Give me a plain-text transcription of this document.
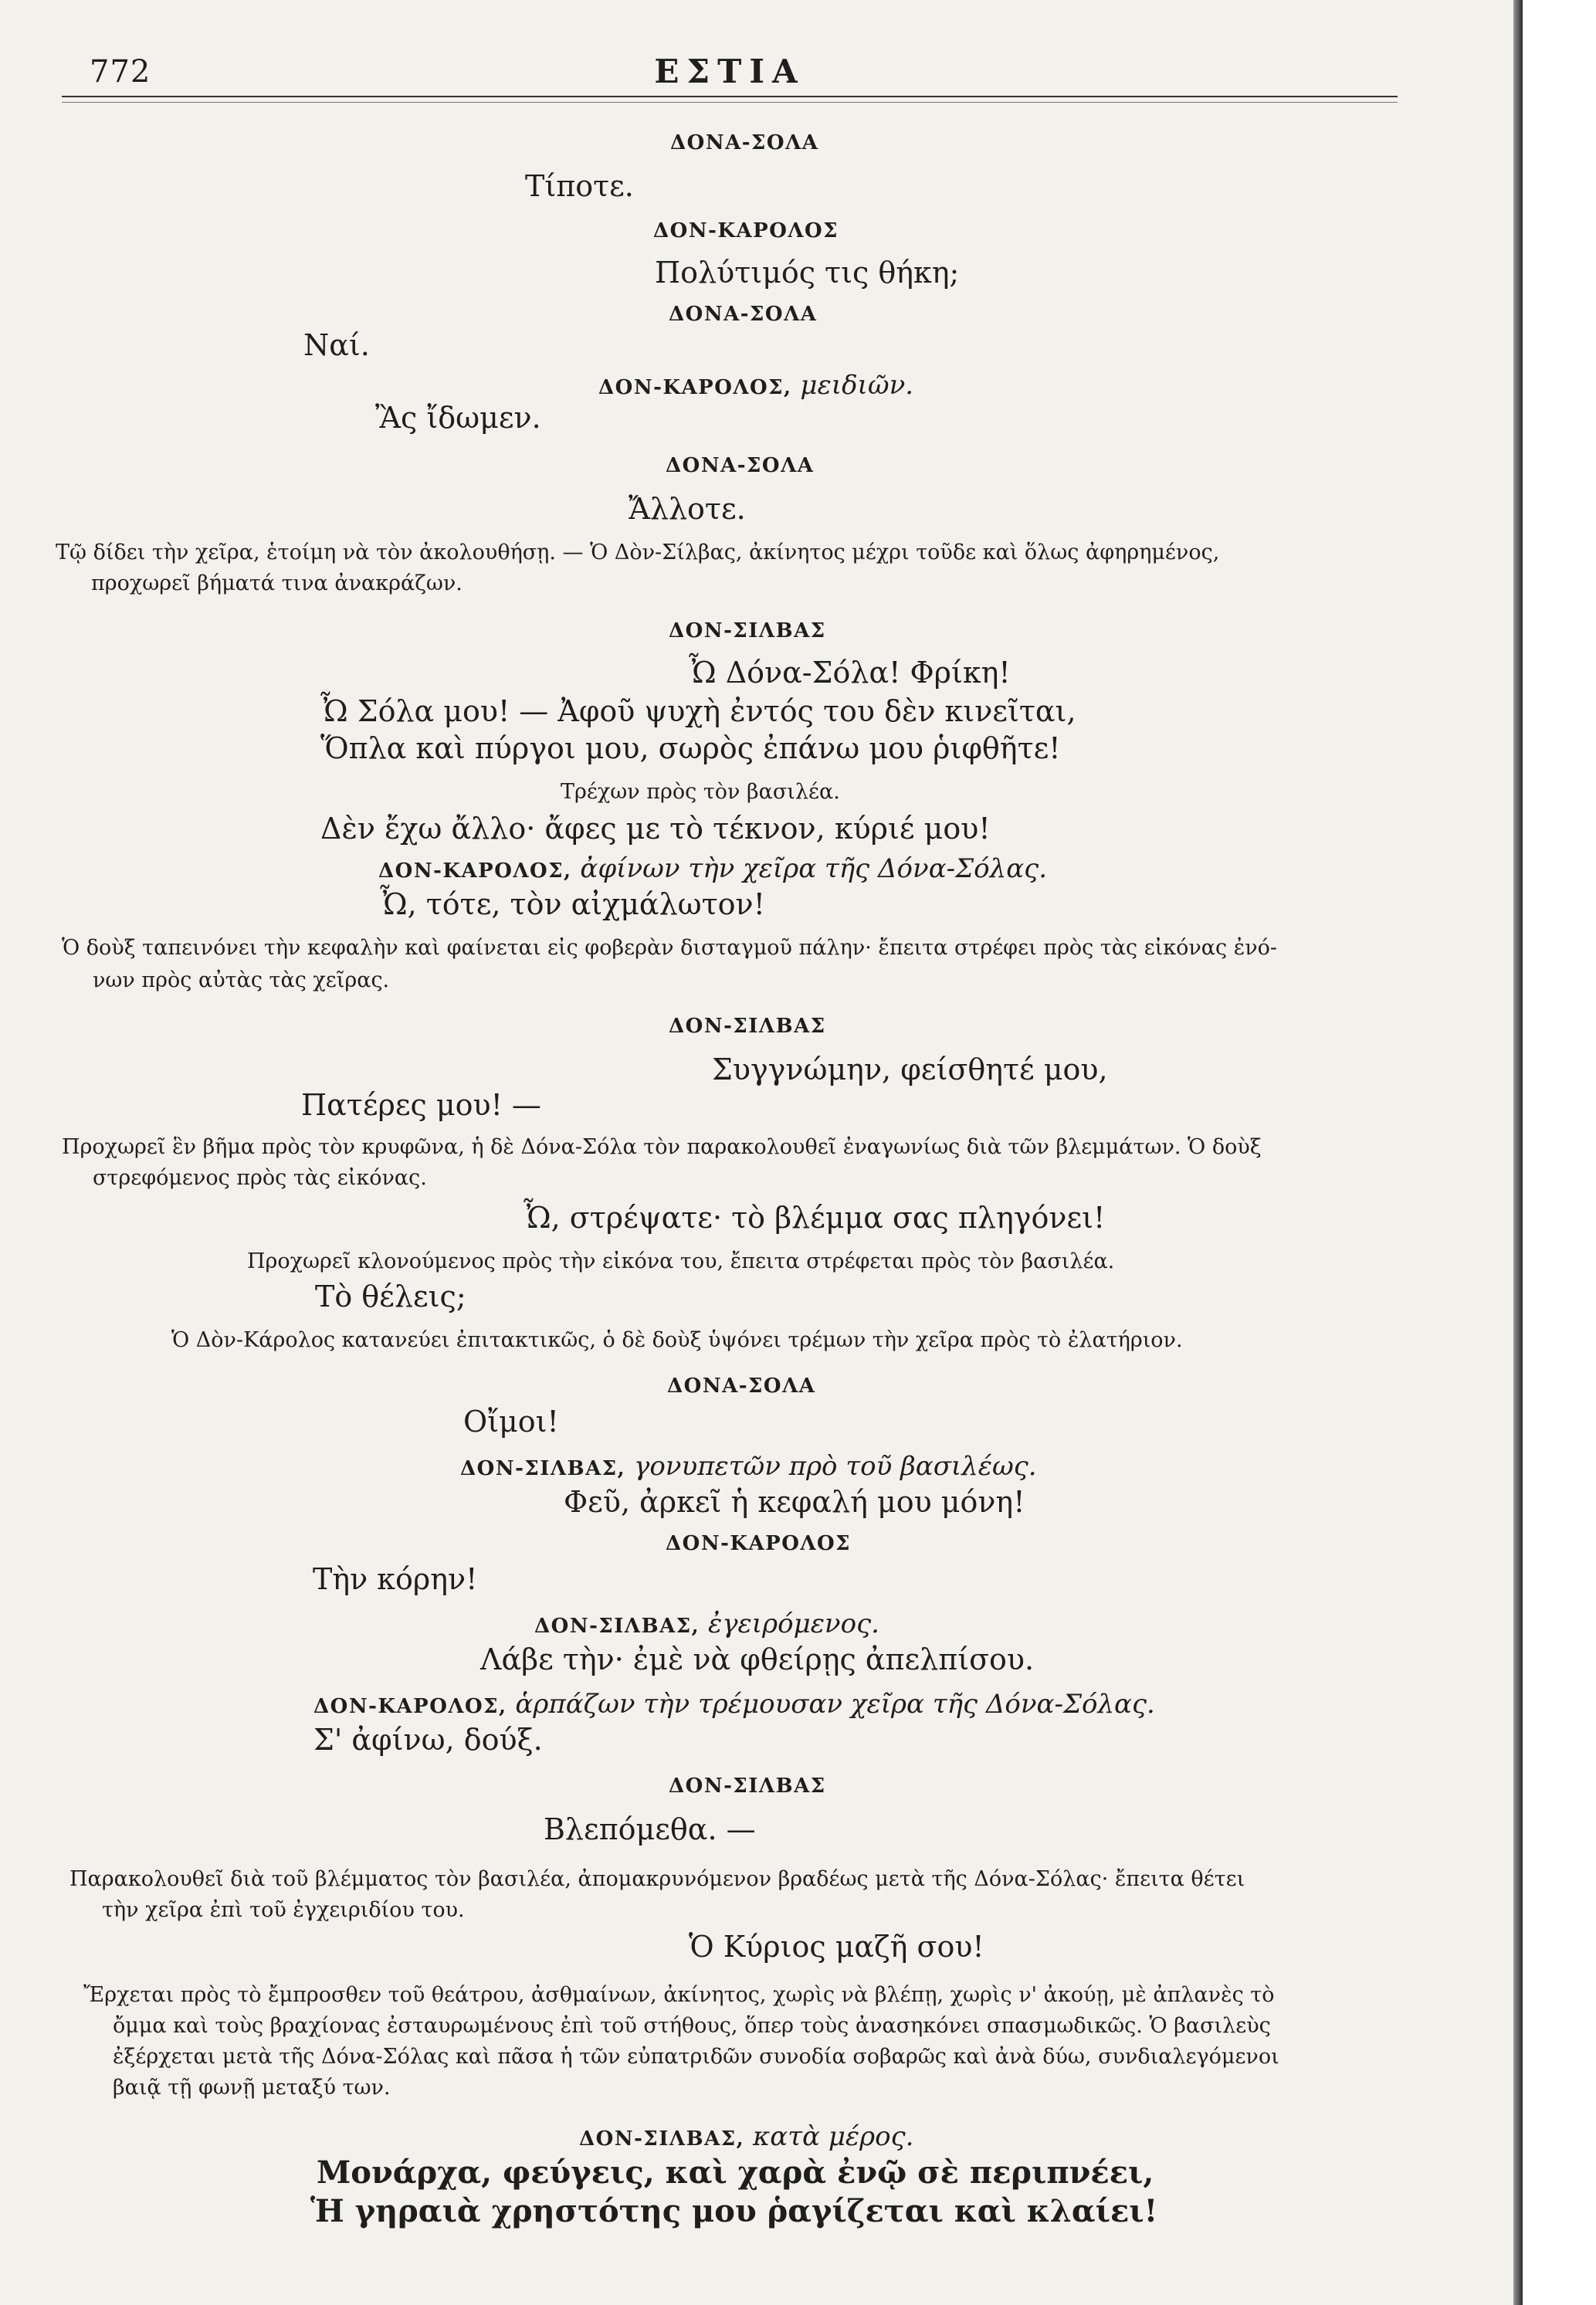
772	ΕΣΤΙΑ
ΔΟΝΑ-ΣΟΛΑ
Τίποτε.
ΔΟΝ-ΚΑΡΟΛΟΣ
Πολύτιμός τις θήκη;
ΔΟΝΑ-ΣΟΛΑ
Ναί.
ΔΟΝ-ΚΑΡΟΛΟΣ, μειδιῶν.
Ἂς ἴδωμεν.
ΔΟΝΑ-ΣΟΛΑ
Ἄλλοτε.
Τῷ δίδει τὴν χεῖρα, ἑτοίμη νὰ τὸν ἀκολουθήσῃ. — Ὁ Δὸν-Σίλβας, ἀκίνητος μέχρι τοῦδε καὶ ὅλως ἀφηρημένος,
προχωρεῖ βήματά τινα ἀνακράζων.
ΔΟΝ-ΣΙΛΒΑΣ
Ὦ Δόνα-Σόλα! Φρίκη!
Ὦ Σόλα μου! — Ἀφοῦ ψυχὴ ἐντός του δὲν κινεῖται,
Ὅπλα καὶ πύργοι μου, σωρὸς ἐπάνω μου ῥιφθῆτε!
Τρέχων πρὸς τὸν βασιλέα.
Δὲν ἔχω ἄλλο· ἄφες με τὸ τέκνον, κύριέ μου!
ΔΟΝ-ΚΑΡΟΛΟΣ, ἀφίνων τὴν χεῖρα τῆς Δόνα-Σόλας.
Ὦ, τότε, τὸν αἰχμάλωτον!
Ὁ δοὺξ ταπεινόνει τὴν κεφαλὴν καὶ φαίνεται εἰς φοβερὰν δισταγμοῦ πάλην· ἔπειτα στρέφει πρὸς τὰς εἰκόνας ἐνό-
νων πρὸς αὐτὰς τὰς χεῖρας.
ΔΟΝ-ΣΙΛΒΑΣ
Συγγνώμην, φείσθητέ μου,
Πατέρες μου! —
Προχωρεῖ ἓν βῆμα πρὸς τὸν κρυφῶνα, ἡ δὲ Δόνα-Σόλα τὸν παρακολουθεῖ ἐναγωνίως διὰ τῶν βλεμμάτων. Ὁ δοὺξ
στρεφόμενος πρὸς τὰς εἰκόνας.
Ὦ, στρέψατε· τὸ βλέμμα σας πληγόνει!
Προχωρεῖ κλονούμενος πρὸς τὴν εἰκόνα του, ἔπειτα στρέφεται πρὸς τὸν βασιλέα.
Τὸ θέλεις;
Ὁ Δὸν-Κάρολος κατανεύει ἐπιτακτικῶς, ὁ δὲ δοὺξ ὑψόνει τρέμων τὴν χεῖρα πρὸς τὸ ἐλατήριον.
ΔΟΝΑ-ΣΟΛΑ
Οἴμοι!
ΔΟΝ-ΣΙΛΒΑΣ, γονυπετῶν πρὸ τοῦ βασιλέως.
Φεῦ, ἀρκεῖ ἡ κεφαλή μου μόνη!
ΔΟΝ-ΚΑΡΟΛΟΣ
Τὴν κόρην!
ΔΟΝ-ΣΙΛΒΑΣ, ἐγειρόμενος.
Λάβε τὴν· ἐμὲ νὰ φθείρῃς ἀπελπίσου.
ΔΟΝ-ΚΑΡΟΛΟΣ, ἁρπάζων τὴν τρέμουσαν χεῖρα τῆς Δόνα-Σόλας.
Σ' ἀφίνω, δούξ.
ΔΟΝ-ΣΙΛΒΑΣ
Βλεπόμεθα. —
Παρακολουθεῖ διὰ τοῦ βλέμματος τὸν βασιλέα, ἀπομακρυνόμενον βραδέως μετὰ τῆς Δόνα-Σόλας· ἔπειτα θέτει
τὴν χεῖρα ἐπὶ τοῦ ἐγχειριδίου του.
Ὁ Κύριος μαζῆ σου!
Ἔρχεται πρὸς τὸ ἔμπροσθεν τοῦ θεάτρου, ἀσθμαίνων, ἀκίνητος, χωρὶς νὰ βλέπῃ, χωρὶς ν' ἀκούῃ, μὲ ἀπλανὲς τὸ
ὄμμα καὶ τοὺς βραχίονας ἐσταυρωμένους ἐπὶ τοῦ στήθους, ὅπερ τοὺς ἀνασηκόνει σπασμωδικῶς. Ὁ βασιλεὺς
ἐξέρχεται μετὰ τῆς Δόνα-Σόλας καὶ πᾶσα ἡ τῶν εὐπατριδῶν συνοδία σοβαρῶς καὶ ἀνὰ δύω, συνδιαλεγόμενοι
βαιᾷ τῇ φωνῇ μεταξύ των.
ΔΟΝ-ΣΙΛΒΑΣ, κατὰ μέρος.
Μονάρχα, φεύγεις, καὶ χαρὰ ἐνῷ σὲ περιπνέει,
Ἡ γηραιὰ χρηστότης μου ῥαγίζεται καὶ κλαίει!
